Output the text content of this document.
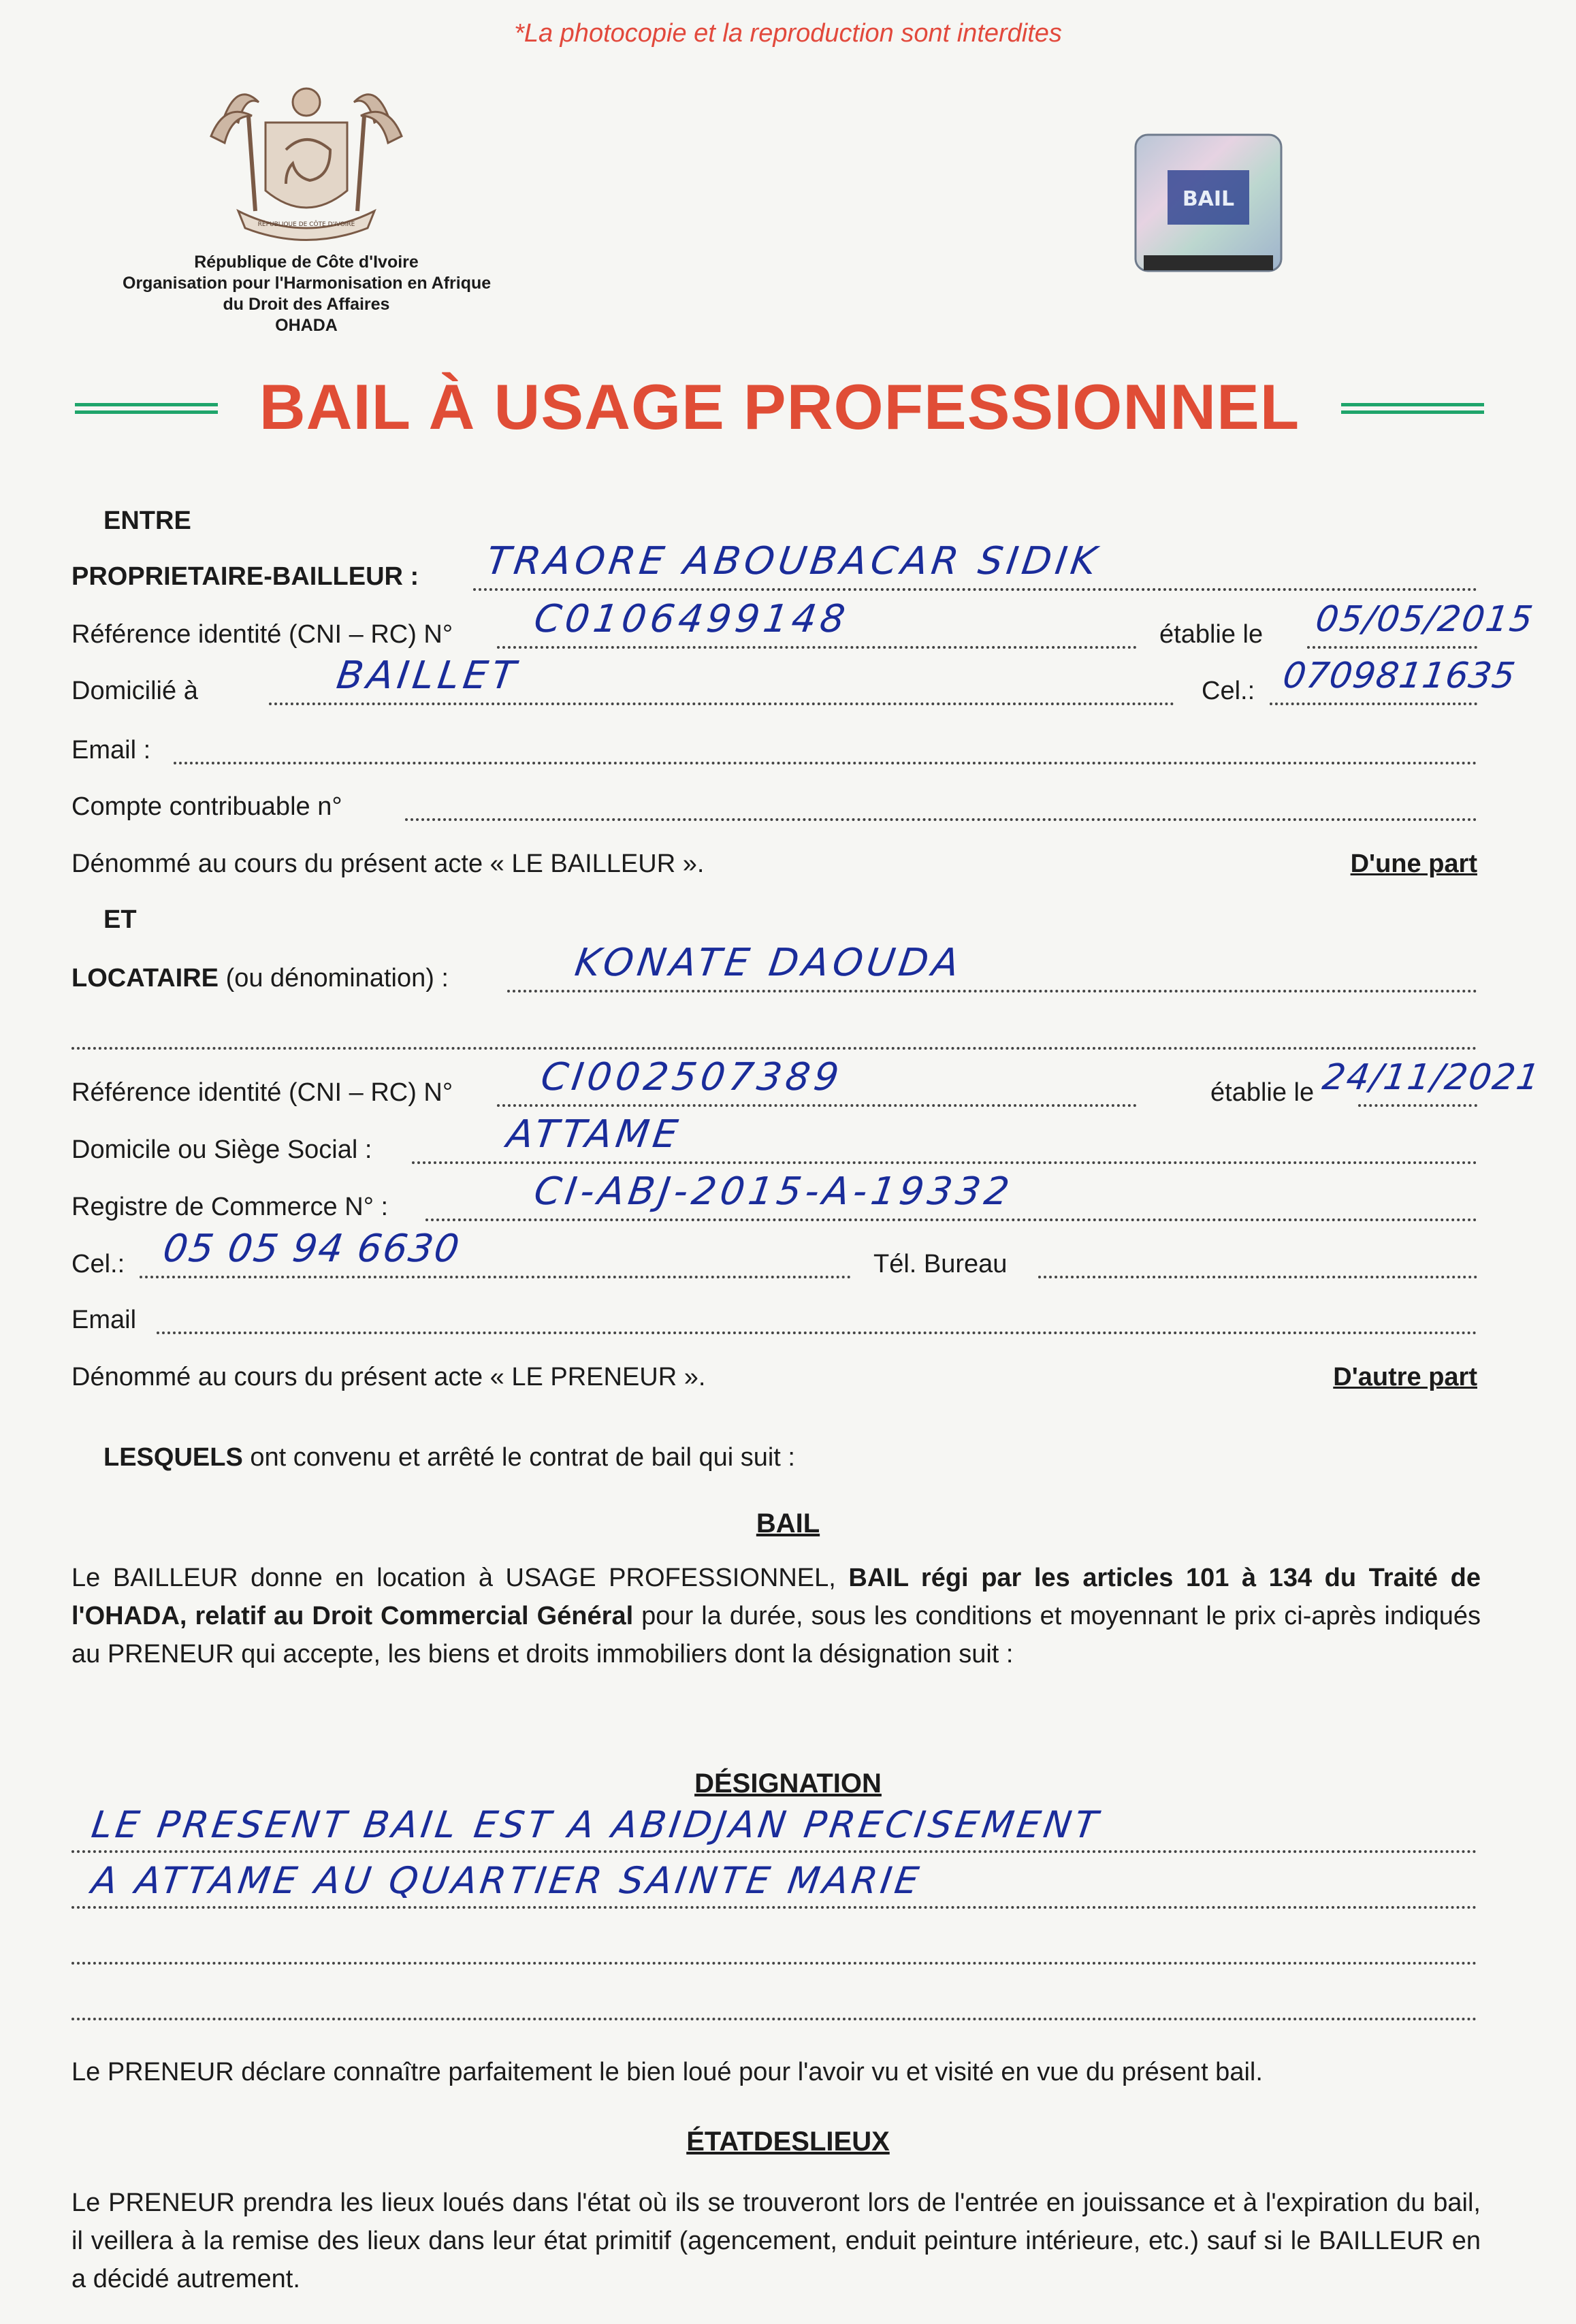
*La photocopie et la reproduction sont interdites
RÉPUBLIQUE DE CÔTE D'IVOIRE
République de Côte d'Ivoire
Organisation pour l'Harmonisation en Afrique
du Droit des Affaires
OHADA
BAIL
BAIL À USAGE PROFESSIONNEL
ENTRE
PROPRIETAIRE-BAILLEUR : TRAORE ABOUBACAR SIDIK
Référence identité (CNI – RC) N° C0106499148	établie le 05/05/2015
Domicilié à	BAILLET	Cel.: 0709811635
Email :
Compte contribuable n°
Dénommé au cours du présent acte « LE BAILLEUR ».	D'une part
ET
LOCATAIRE (ou dénomination) :	KONATE DAOUDA
Référence identité (CNI – RC) N° CI002507389	établie le 24/11/2021
Domicile ou Siège Social :	ATTAME
Registre de Commerce N° :	CI-ABJ-2015-A-19332
Cel.: 05 05 94 6630	Tél. Bureau
Email
Dénommé au cours du présent acte « LE PRENEUR ».	D'autre part
LESQUELS ont convenu et arrêté le contrat de bail qui suit :
BAIL
Le BAILLEUR donne en location à USAGE PROFESSIONNEL, BAIL régi par les articles 101 à 134 du Traité de l'OHADA, relatif au Droit Commercial Général pour la durée, sous les conditions et moyennant le prix ci-après indiqués au PRENEUR qui accepte, les biens et droits immobiliers dont la désignation suit :
DÉSIGNATION
LE PRESENT BAIL EST A ABIDJAN PRECISEMENT
A ATTAME AU QUARTIER SAINTE MARIE
Le PRENEUR déclare connaître parfaitement le bien loué pour l'avoir vu et visité en vue du présent bail.
ÉTATDESLIEUX
Le PRENEUR prendra les lieux loués dans l'état où ils se trouveront lors de l'entrée en jouissance et à l'expiration du bail, il veillera à la remise des lieux dans leur état primitif (agencement, enduit peinture intérieure, etc.) sauf si le BAILLEUR en a décidé autrement.
